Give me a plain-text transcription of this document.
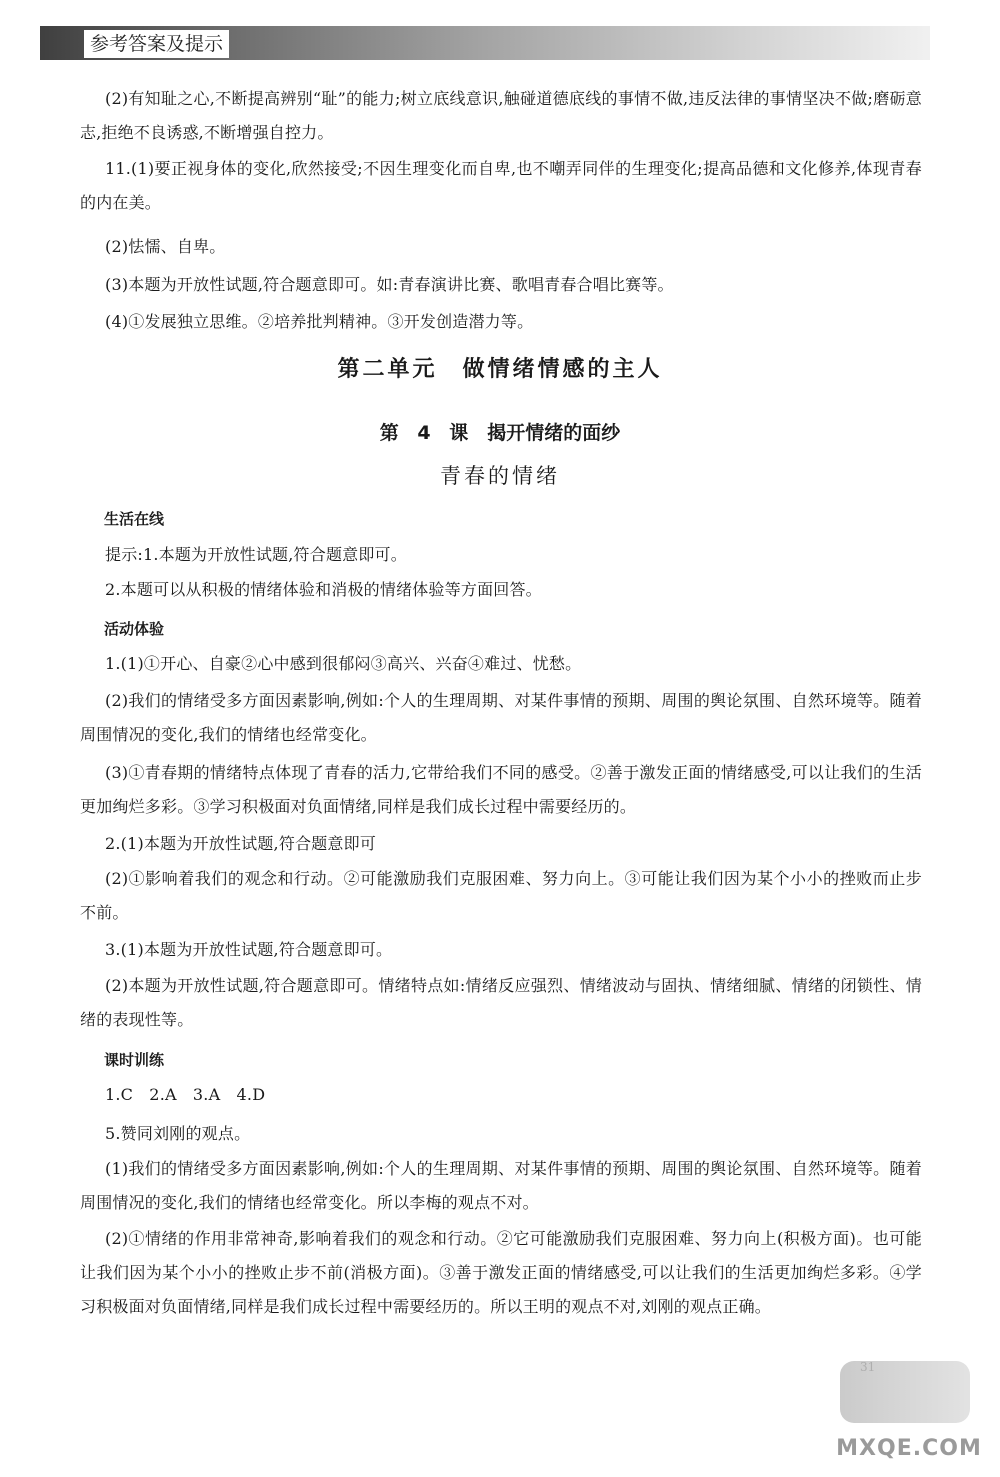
参考答案及提示

(2)有知耻之心,不断提高辨别“耻”的能力;树立底线意识,触碰道德底线的事情不做,违反法律的事情坚决不做;磨砺意志,拒绝不良诱惑,不断增强自控力。

11.(1)要正视身体的变化,欣然接受;不因生理变化而自卑,也不嘲弄同伴的生理变化;提高品德和文化修养,体现青春的内在美。

(2)怯懦、自卑。

(3)本题为开放性试题,符合题意即可。如:青春演讲比赛、歌唱青春合唱比赛等。

(4)①发展独立思维。②培养批判精神。③开发创造潜力等。

第二单元　做情绪情感的主人
第 4 课　揭开情绪的面纱
青春的情绪
生活在线

提示:1.本题为开放性试题,符合题意即可。

2.本题可以从积极的情绪体验和消极的情绪体验等方面回答。

活动体验

1.(1)①开心、自豪②心中感到很郁闷③高兴、兴奋④难过、忧愁。

(2)我们的情绪受多方面因素影响,例如:个人的生理周期、对某件事情的预期、周围的舆论氛围、自然环境等。随着周围情况的变化,我们的情绪也经常变化。

(3)①青春期的情绪特点体现了青春的活力,它带给我们不同的感受。②善于激发正面的情绪感受,可以让我们的生活更加绚烂多彩。③学习积极面对负面情绪,同样是我们成长过程中需要经历的。

2.(1)本题为开放性试题,符合题意即可

(2)①影响着我们的观念和行动。②可能激励我们克服困难、努力向上。③可能让我们因为某个小小的挫败而止步不前。

3.(1)本题为开放性试题,符合题意即可。

(2)本题为开放性试题,符合题意即可。情绪特点如:情绪反应强烈、情绪波动与固执、情绪细腻、情绪的闭锁性、情绪的表现性等。

课时训练

1.C　2.A　3.A　4.D

5.赞同刘刚的观点。

(1)我们的情绪受多方面因素影响,例如:个人的生理周期、对某件事情的预期、周围的舆论氛围、自然环境等。随着周围情况的变化,我们的情绪也经常变化。所以李梅的观点不对。

(2)①情绪的作用非常神奇,影响着我们的观念和行动。②它可能激励我们克服困难、努力向上(积极方面)。也可能让我们因为某个小小的挫败止步不前(消极方面)。③善于激发正面的情绪感受,可以让我们的生活更加绚烂多彩。④学习积极面对负面情绪,同样是我们成长过程中需要经历的。所以王明的观点不对,刘刚的观点正确。

MXQE.COM
